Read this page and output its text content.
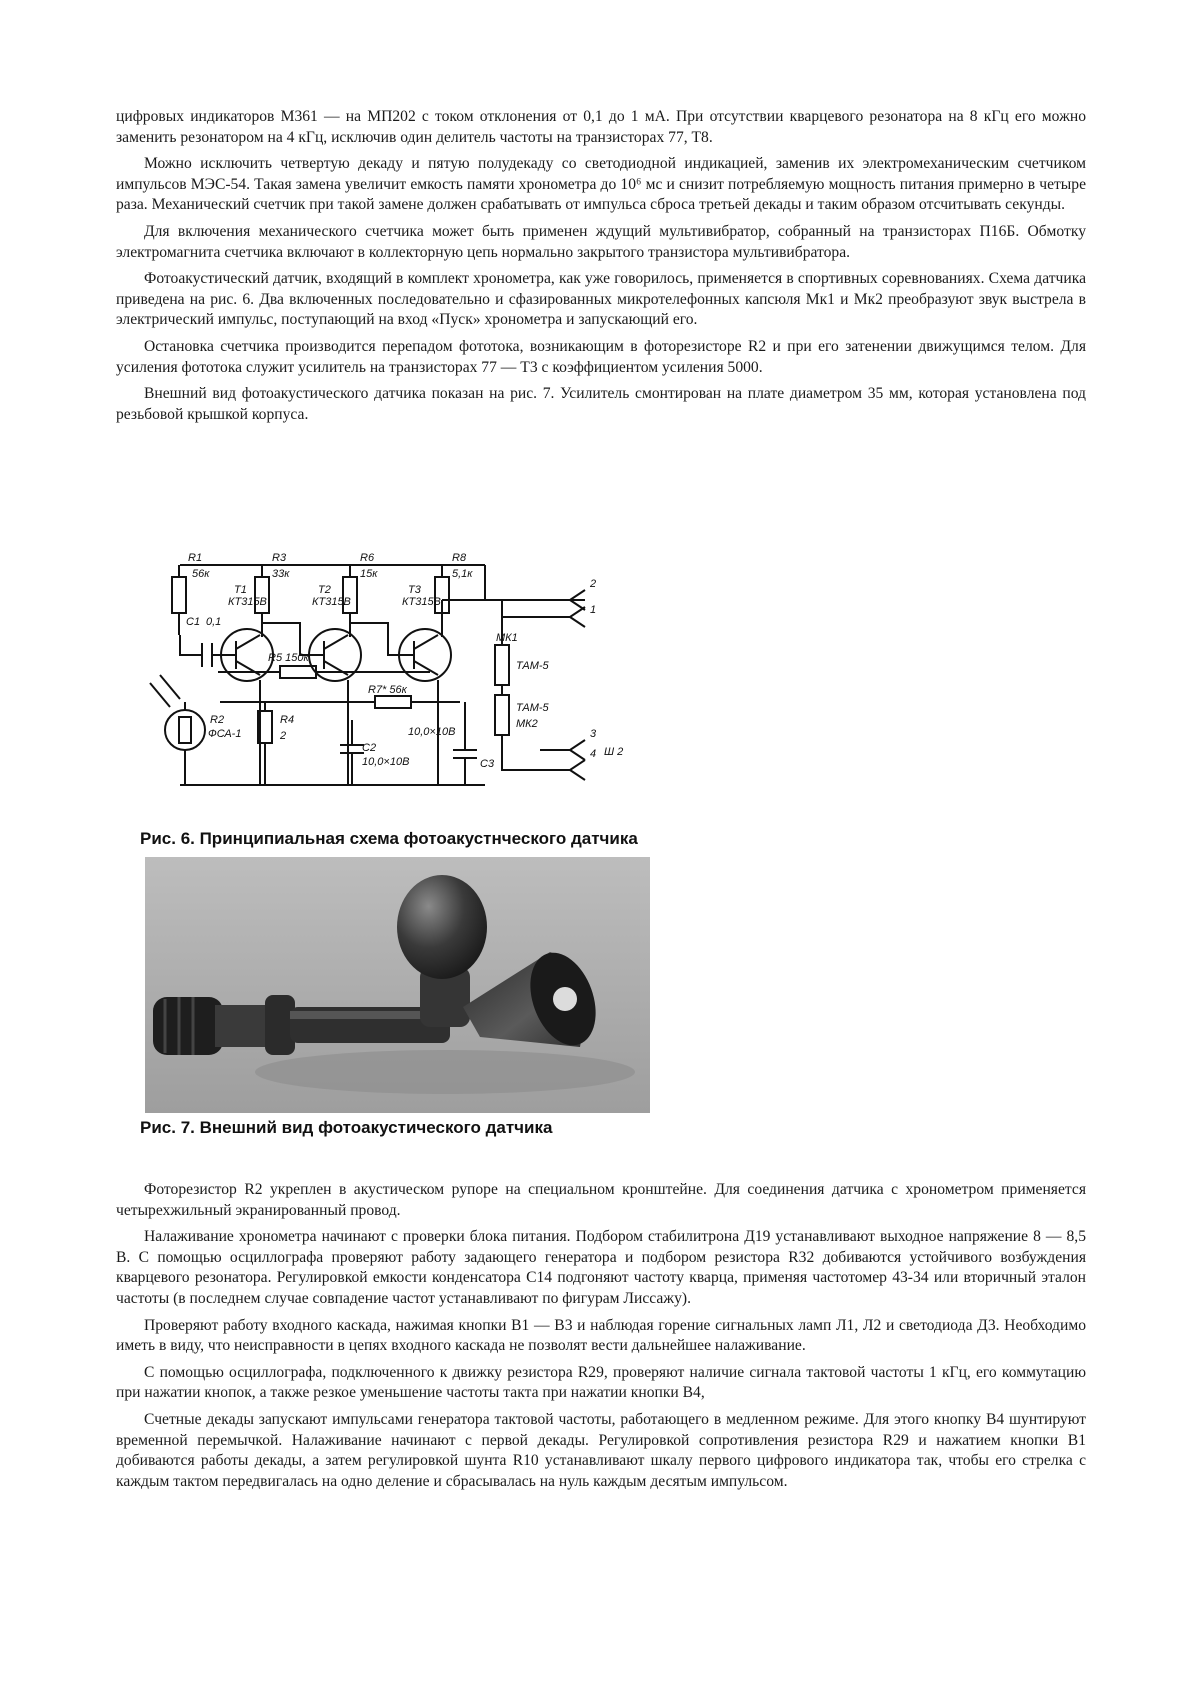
цифровых индикаторов М361 — на МП202 с током отклонения от 0,1 до 1 мА. При отсутствии кварцевого резонатора на 8 кГц его можно заменить резонатором на 4 кГц, исключив один делитель частоты на транзисторах 77, Т8.

Можно исключить четвертую декаду и пятую полудекаду со светодиодной индикацией, заменив их электромеханическим счетчиком импульсов МЭС-54. Такая замена увеличит емкость памяти хронометра до 10⁶ мс и снизит потребляемую мощность питания примерно в четыре раза. Механический счетчик при такой замене должен срабатывать от импульса сброса третьей декады и таким образом отсчитывать секунды.

Для включения механического счетчика может быть применен ждущий мультивибратор, собранный на транзисторах П16Б. Обмотку электромагнита счетчика включают в коллекторную цепь нормально закрытого транзистора мультивибратора.

Фотоакустический датчик, входящий в комплект хронометра, как уже говорилось, применяется в спортивных соревнованиях. Схема датчика приведена на рис. 6. Два включенных последовательно и сфазированных микротелефонных капсюля Мк1 и Мк2 преобразуют звук выстрела в электрический импульс, поступающий на вход «Пуск» хронометра и запускающий его.

Остановка счетчика производится перепадом фототока, возникающим в фоторезисторе R2 и при его затенении движущимся телом. Для усиления фототока служит усилитель на транзисторах 77 — Т3 с коэффициентом усиления 5000.

Внешний вид фотоакустического датчика показан на рис. 7. Усилитель смонтирован на плате диаметром 35 мм, которая установлена под резьбовой крышкой корпуса.

R1
56к
R3
33к
R6
15к
R8
5,1к
Т1
КТ315В
Т2
КТ315В
Т3
КТ315В
С1 0,1
R5 150к
R7* 56к
R2
ФСА-1
R4
2
С2
10,0×10В	С3
10,0×10В
МК1
ТАМ-5
ТАМ-5
МК2
2
1
3
4 Ш 2

Рис. 6. Принципиальная схема фотоакустнческого датчика

Рис. 7. Внешний вид фотоакустического датчика

Фоторезистор R2 укреплен в акустическом рупоре на специальном кронштейне. Для соединения датчика с хронометром применяется четырехжильный экранированный провод.

Налаживание хронометра начинают с проверки блока питания. Подбором стабилитрона Д19 устанавливают выходное напряжение 8 — 8,5 В. С помощью осциллографа проверяют работу задающего генератора и подбором резистора R32 добиваются устойчивого возбуждения кварцевого резонатора. Регулировкой емкости конденсатора С14 подгоняют частоту кварца, применяя частотомер 43-34 или вторичный эталон частоты (в последнем случае совпадение частот устанавливают по фигурам Лиссажу).

Проверяют работу входного каскада, нажимая кнопки В1 — В3 и наблюдая горение сигнальных ламп Л1, Л2 и светодиода Д3. Необходимо иметь в виду, что неисправности в цепях входного каскада не позволят вести дальнейшее налаживание.

С помощью осциллографа, подключенного к движку резистора R29, проверяют наличие сигнала тактовой частоты 1 кГц, его коммутацию при нажатии кнопок, а также резкое уменьшение частоты такта при нажатии кнопки В4,

Счетные декады запускают импульсами генератора тактовой частоты, работающего в медленном режиме. Для этого кнопку В4 шунтируют временной перемычкой. Налаживание начинают с первой декады. Регулировкой сопротивления резистора R29 и нажатием кнопки В1 добиваются работы декады, а затем регулировкой шунта R10 устанавливают шкалу первого цифрового индикатора так, чтобы его стрелка с каждым тактом передвигалась на одно деление и сбрасывалась на нуль каждым десятым импульсом.
